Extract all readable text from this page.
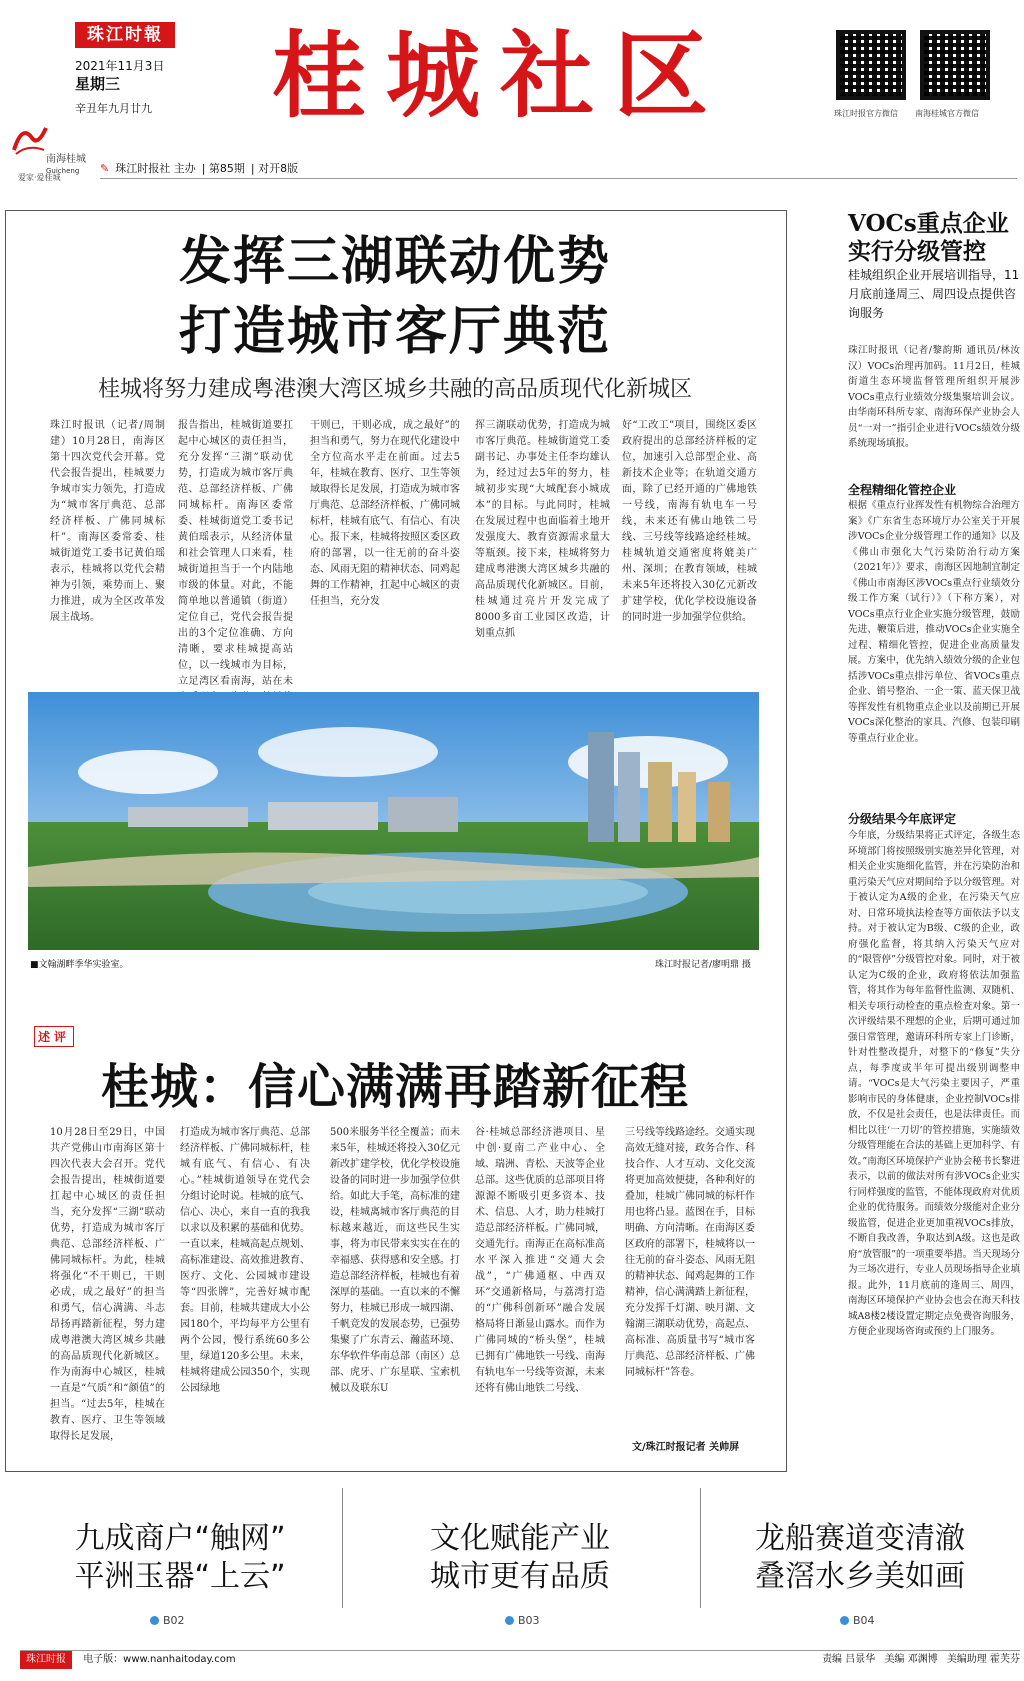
珠江时報
2021年11月3日
星期三
辛丑年九月廿九
南海桂城
Guicheng
爱家·爱桂城
桂城社区	珠江时报官方微信 南海桂城官方微信
✎ 珠江时报社 主办 | 第85期 | 对开8版
发挥三湖联动优势
打造城市客厅典范
桂城将努力建成粤港澳大湾区城乡共融的高品质现代化新城区
珠江时报讯（记者/周制建）10月28日，南海区第十四次党代会开幕。党代会报告提出，桂城要力争城市实力领先，打造成为“城市客厅典范、总部经济样板、广佛同城标杆”。南海区委常委、桂城街道党工委书记黄伯瑶表示，桂城将以党代会精神为引领，乘势而上、聚力推进，成为全区改革发展主战场。
报告指出，桂城街道要扛起中心城区的责任担当，充分发挥“三湖”联动优势，打造成为城市客厅典范、总部经济样板、广佛同城标杆。南海区委常委、桂城街道党工委书记黄伯瑶表示，从经济体量和社会管理人口来看，桂城街道担当于一个内陆地市级的体量。对此，不能简单地以普通镇（街道）定位自己，党代会报告提出的3个定位准确、方向清晰，要求桂城提高站位，以一线城市为目标，立足湾区看南海，站在未
干则已，干则必成，成之最好”的担当和勇气，努力在现代化建设中全方位高水平走在前面。过去5年，桂城在教育、医疗、卫生等领域取得长足发展，打造成为城市客厅典范、总部经济样板、广佛同城标杆，桂城有底气、有信心、有决心。报下来，桂城将按照区委区政府的部署，以一往无前的奋斗姿态、风雨无阻的精神状态、同鸡起舞的工作精神，扛起中心城区的责任担当，充分发
挥三湖联动优势，打造成为城市客厅典范。桂城街道党工委副书记、办事处主任李均雄认为，经过过去5年的努力，桂城初步实现“大城配套小城成本”的目标。与此同时，桂城在发展过程中也面临着土地开发强度大、教育资源需求量大等瓶颈。接下来，桂城将努力建成粤港澳大湾区城乡共融的高品质现代化新城区。目前，桂城通过亮片开发完成了8000多亩工业园区改造，计划重点抓
好“工改工”项目，围绕区委区政府提出的总部经济样板的定位，加速引入总部型企业、高新技术企业等；在轨道交通方面，除了已经开通的广佛地铁一号线，南海有轨电车一号线，未来还有佛山地铁二号线、三号线等线路途经桂城。桂城轨道交通密度将媲美广州、深圳；在教育领域，桂城未来5年还将投入30亿元新改扩建学校，优化学校设施设备的同时进一步加强学位供给。
■文翰湖畔季华实验室。	珠江时报记者/廖明鼎 摄
述评
桂城：信心满满再踏新征程
10月28日至29日，中国共产党佛山市南海区第十四次代表大会召开。党代会报告提出，桂城街道要扛起中心城区的责任担当，充分发挥“三湖”联动优势，打造成为城市客厅典范、总部经济样板、广佛同城标杆。为此，桂城将强化“不干则已，干则必成，成之最好”的担当和勇气，信心满满、斗志昂扬再踏新征程，努力建成粤港澳大湾区城乡共融的高品质现代化新城区。作为南海中心城区，桂城一直是“气质”和“颜值”的担当。“过去5年，桂城在教育、医疗、卫生等领域取得长足发展，
打造成为城市客厅典范、总部经济样板、广佛同城标杆，桂城有底气、有信心、有决心。”桂城街道领导在党代会分组讨论时说。桂城的底气、信心、决心，来自一直的我我以求以及积累的基础和优势。一直以来，桂城高起点规划、高标准建设、高效推进教育、医疗、文化、公园城市建设等“四张牌”，完善好城市配套。目前，桂城共建成大小公园180个，平均每平方公里有两个公园，慢行系统60多公里，绿道120多公里。未来，桂城将建成公园350个，实现公园绿地
500米服务半径全覆盖；而未来5年，桂城还将投入30亿元新改扩建学校，优化学校设施设备的同时进一步加强学位供给。如此大手笔，高标准的建设，桂城离城市客厅典范的目标越来越近，而这些民生实事，将为市民带来实实在在的幸福感、获得感和安全感。打造总部经济样板，桂城也有着深厚的基础。一直以来的不懈努力，桂城已形成一城四湖、千帆竞发的发展态势，已强势集聚了广东青云、瀚蓝环境、东华软件华南总部（南区）总部、虎牙、广东星联、宝索机械以及联东U
谷·桂城总部经济港项目、星中创·夏南二产业中心、全域、瑞洲、青松、天波等企业总部。这些优质的总部项目将源源不断吸引更多资本、技术、信息、人才，助力桂城打造总部经济样板。广佛同城，交通先行。南海正在高标准高水平深入推进“交通大会战”，“广佛通枢、中西双环”交通新格局，与荔湾打造的“广佛科创新环”融合发展格局将日渐显山露水。而作为广佛同城的“桥头堡”，桂城已拥有广佛地铁一号线、南海有轨电车一号线等资源，未来还将有佛山地铁二号线、
三号线等线路途经。交通实现高效无缝对接，政务合作、科技合作、人才互动、文化交流将更加高效便捷，各种利好的叠加，桂城广佛同城的标杆作用也将凸显。蓝图在手，目标明确、方向清晰。在南海区委区政府的部署下，桂城将以一往无前的奋斗姿态、风雨无阻的精神状态、闻鸡起舞的工作精神，信心满满踏上新征程，充分发挥千灯湖、映月湖、文翰湖三湖联动优势，高起点、高标准、高质量书写“城市客厅典范、总部经济样板、广佛同城标杆”答卷。
文/珠江时报记者 关帅屏
VOCs重点企业
实行分级管控
桂城组织企业开展培训指导，11月底前逢周三、周四设点提供咨询服务
珠江时报讯（记者/黎韵斯 通讯员/林汝汉）VOCs治理再加码。11月2日，桂城街道生态环境监督管理所组织开展涉VOCs重点行业绩效分级集聚培训会议。由华南环科所专家、南海环保产业协会人员“一对一”指引企业进行VOCs绩效分级系统现场填报。
全程精细化管控企业
根据《重点行业挥发性有机物综合治理方案》《广东省生态环境厅办公室关于开展涉VOCs企业分级管理工作的通知》以及《佛山市强化大气污染防治行动方案（2021年）》要求，南海区因地制宜制定《佛山市南海区涉VOCs重点行业绩效分级工作方案（试行）》（下称方案），对VOCs重点行业企业实施分级管理，鼓励先进、鞭策后进，推动VOCs企业实施全过程、精细化管控，促进企业高质量发展。方案中，优先纳入绩效分级的企业包括涉VOCs重点排污单位、省VOCs重点企业、销号整治、一企一策、蓝天保卫战等挥发性有机物重点企业以及前期已开展VOCs深化整治的家具、汽修、包装印刷等重点行业企业。
分级结果今年底评定
今年底，分级结果将正式评定，各级生态环境部门将按照级别实施差异化管理，对相关企业实施细化监管，并在污染防治和重污染天气应对期间给予以分级管理。对于被认定为A级的企业，在污染天气应对、日常环境执法检查等方面依法予以支持。对于被认定为B级、C级的企业，政府强化监督，将其纳入污染天气应对的“限管停”分级管控对象。同时，对于被认定为C级的企业，政府将依法加强监管，将其作为每年监督性监测、双随机、相关专项行动检查的重点检查对象。第一次评级结果不理想的企业，后期可通过加强日常管理，邀请环科所专家上门诊断，针对性整改提升，对整下的“修复”失分点，每季度或半年可提出级别调整申请。“VOCs是大气污染主要因子，严重影响市民的身体健康，企业控制VOCs排放，不仅是社会责任，也是法律责任。而相比以往‘一刀切’的管控措施，实施绩效分级管理能在合法的基础上更加科学、有效。”南海区环境保护产业协会秘书长黎进表示，以前的做法对所有涉VOCs企业实行同样强度的监管，不能体现政府对优质企业的优待服务。而绩效分级能对企业分级监管，促进企业更加重视VOCs排放，不断自我改善，争取达到A级。这也是政府“放管服”的一项重要举措。当天现场分为三场次进行，专业人员现场指导企业填报。此外，11月底前的逢周三、周四，南海区环境保护产业协会也会在海天科技城A8楼2楼设置定期定点免费咨询服务，方便企业现场咨询或预约上门服务。
九成商户“触网”
平洲玉器“上云”
文化赋能产业
城市更有品质
龙船赛道变清澈
叠滘水乡美如画
B02	B03	B04
珠江时报 电子版：www.nanhaitoday.com	责编 吕景华 美编 邓渊博 美编助理 霍芙芬
